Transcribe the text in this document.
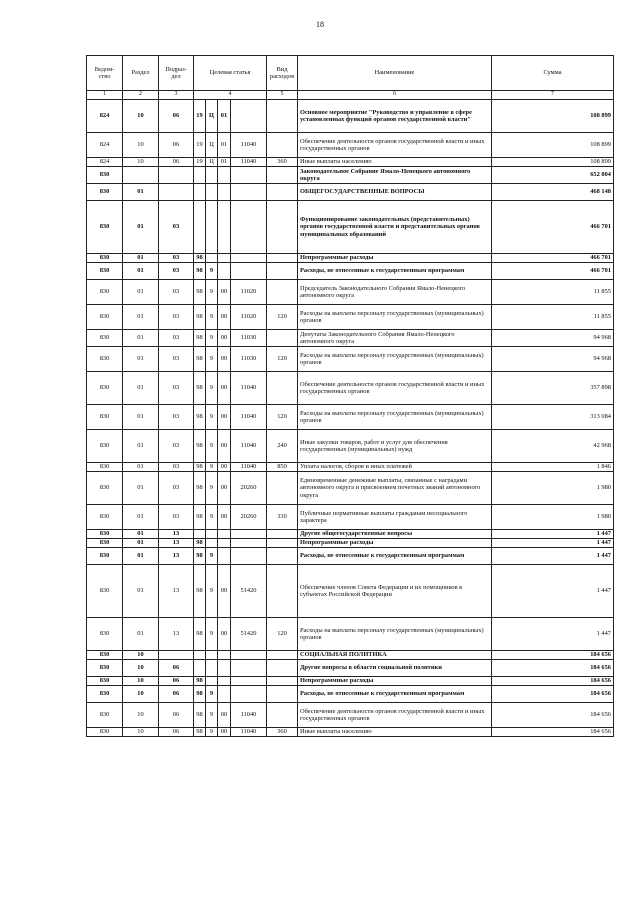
18
Ведом-ство	Раздел	Подраз-дел	Целевая статья				Вид расходов	Наименование	Сумма
1	2	3	4				5	6	7
824	10	06	19	Ц	01			Основное мероприятие "Руководство и управление в сфере установленных функций органов государственной власти"	108 899
824	10	06	19	Ц	01	11040		Обеспечение деятельности органов государственной власти и иных государственных органов	108 899
824	10	06	19	Ц	01	11040	360	Иные выплаты населению	108 899
830								Законодательное Собрание Ямало-Ненецкого автономного округа	652 804
830	01							ОБЩЕГОСУДАРСТВЕННЫЕ ВОПРОСЫ	468 148
830	01	03						Функционирование законодательных (представительных) органов государственной власти и представительных органов муниципальных образований	466 701
830	01	03	98					Непрограммные расходы	466 701
830	01	03	98	9				Расходы, не отнесенные к государственным программам	466 701
830	01	03	98	9	00	11020		Председатель Законодательного Собрания Ямало-Ненецкого автономного округа	11 855
830	01	03	98	9	00	11020	120	Расходы на выплаты персоналу государственных (муниципальных) органов	11 855
830	01	03	98	9	00	11030		Депутаты Законодательного Собрания Ямало-Ненецкого автономного округа	94 968
830	01	03	98	9	00	11030	120	Расходы на выплаты персоналу государственных (муниципальных) органов	94 968
830	01	03	98	9	00	11040		Обеспечение деятельности органов государственной власти и иных государственных органов	357 898
830	01	03	98	9	00	11040	120	Расходы на выплаты персоналу государственных (муниципальных) органов	313 084
830	01	03	98	9	00	11040	240	Иные закупки товаров, работ и услуг для обеспечения государственных (муниципальных) нужд	42 968
830	01	03	98	9	00	11040	850	Уплата налогов, сборов и иных платежей	1 846
830	01	03	98	9	00	20260		Единовременные денежные выплаты, связанные с наградами автономного округа и присвоением почетных званий автономного округа	1 980
830	01	03	98	9	00	20260	330	Публичные нормативные выплаты гражданам несоциального характера	1 980
830	01	13						Другие общегосударственные вопросы	1 447
830	01	13	98					Непрограммные расходы	1 447
830	01	13	98	9				Расходы, не отнесенные к государственным программам	1 447
830	01	13	98	9	00	51420		Обеспечение членов Совета Федерации и их помощников в субъектах Российской Федерации	1 447
830	01	13	98	9	00	51420	120	Расходы на выплаты персоналу государственных (муниципальных) органов	1 447
830	10							СОЦИАЛЬНАЯ ПОЛИТИКА	184 656
830	10	06						Другие вопросы в области социальной политики	184 656
830	10	06	98					Непрограммные расходы	184 656
830	10	06	98	9				Расходы, не отнесенные к государственным программам	184 656
830	10	06	98	9	00	11040		Обеспечение деятельности органов государственной власти и иных государственных органов	184 656
830	10	06	98	9	00	11040	360	Иные выплаты населению	184 656
